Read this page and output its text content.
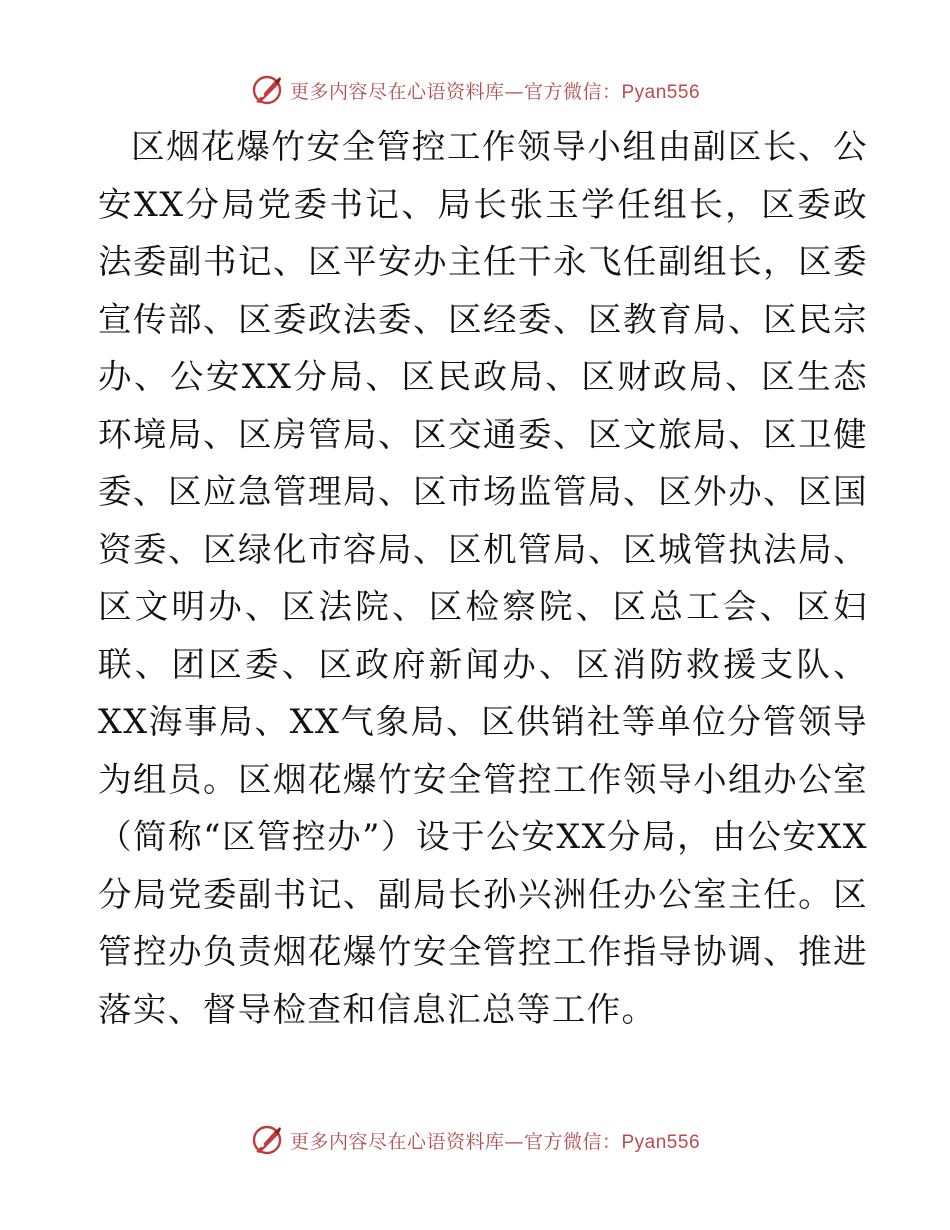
更多内容尽在心语资料库—官方微信：Pyan556

区烟花爆竹安全管控工作领导小组由副区长、公安XX分局党委书记、局长张玉学任组长，区委政法委副书记、区平安办主任干永飞任副组长，区委宣传部、区委政法委、区经委、区教育局、区民宗办、公安XX分局、区民政局、区财政局、区生态环境局、区房管局、区交通委、区文旅局、区卫健委、区应急管理局、区市场监管局、区外办、区国资委、区绿化市容局、区机管局、区城管执法局、区文明办、区法院、区检察院、区总工会、区妇联、团区委、区政府新闻办、区消防救援支队、XX海事局、XX气象局、区供销社等单位分管领导为组员。区烟花爆竹安全管控工作领导小组办公室（简称“区管控办”）设于公安XX分局，由公安XX分局党委副书记、副局长孙兴洲任办公室主任。区管控办负责烟花爆竹安全管控工作指导协调、推进落实、督导检查和信息汇总等工作。

更多内容尽在心语资料库—官方微信：Pyan556
